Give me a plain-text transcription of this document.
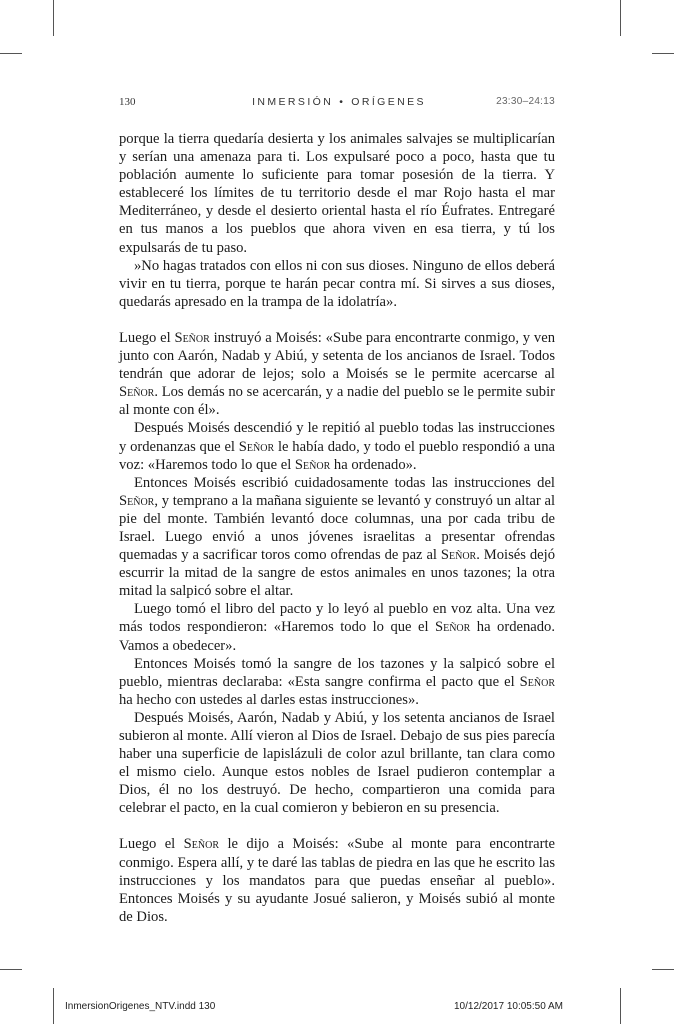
130	INMERSIÓN • ORÍGENES	23:30–24:13

porque la tierra quedaría desierta y los animales salvajes se multiplicarían y serían una amenaza para ti. Los expulsaré poco a poco, hasta que tu población aumente lo suficiente para tomar posesión de la tierra. Y estableceré los límites de tu territorio desde el mar Rojo hasta el mar Mediterráneo, y desde el desierto oriental hasta el río Éufrates. Entregaré en tus manos a los pueblos que ahora viven en esa tierra, y tú los expulsarás de tu paso.

»No hagas tratados con ellos ni con sus dioses. Ninguno de ellos deberá vivir en tu tierra, porque te harán pecar contra mí. Si sirves a sus dioses, quedarás apresado en la trampa de la idolatría».

Luego el Señor instruyó a Moisés: «Sube para encontrarte conmigo, y ven junto con Aarón, Nadab y Abiú, y setenta de los ancianos de Israel. Todos tendrán que adorar de lejos; solo a Moisés se le permite acercarse al Señor. Los demás no se acercarán, y a nadie del pueblo se le permite subir al monte con él».

Después Moisés descendió y le repitió al pueblo todas las instrucciones y ordenanzas que el Señor le había dado, y todo el pueblo respondió a una voz: «Haremos todo lo que el Señor ha ordenado».

Entonces Moisés escribió cuidadosamente todas las instrucciones del Señor, y temprano a la mañana siguiente se levantó y construyó un altar al pie del monte. También levantó doce columnas, una por cada tribu de Israel. Luego envió a unos jóvenes israelitas a presentar ofrendas quemadas y a sacrificar toros como ofrendas de paz al Señor. Moisés dejó escurrir la mitad de la sangre de estos animales en unos tazones; la otra mitad la salpicó sobre el altar.

Luego tomó el libro del pacto y lo leyó al pueblo en voz alta. Una vez más todos respondieron: «Haremos todo lo que el Señor ha ordenado. Vamos a obedecer».

Entonces Moisés tomó la sangre de los tazones y la salpicó sobre el pueblo, mientras declaraba: «Esta sangre confirma el pacto que el Señor ha hecho con ustedes al darles estas instrucciones».

Después Moisés, Aarón, Nadab y Abiú, y los setenta ancianos de Israel subieron al monte. Allí vieron al Dios de Israel. Debajo de sus pies parecía haber una superficie de lapislázuli de color azul brillante, tan clara como el mismo cielo. Aunque estos nobles de Israel pudieron contemplar a Dios, él no los destruyó. De hecho, compartieron una comida para celebrar el pacto, en la cual comieron y bebieron en su presencia.

Luego el Señor le dijo a Moisés: «Sube al monte para encontrarte conmigo. Espera allí, y te daré las tablas de piedra en las que he escrito las instrucciones y los mandatos para que puedas enseñar al pueblo». Entonces Moisés y su ayudante Josué salieron, y Moisés subió al monte de Dios.

InmersionOrigenes_NTV.indd 130	10/12/2017 10:05:50 AM
